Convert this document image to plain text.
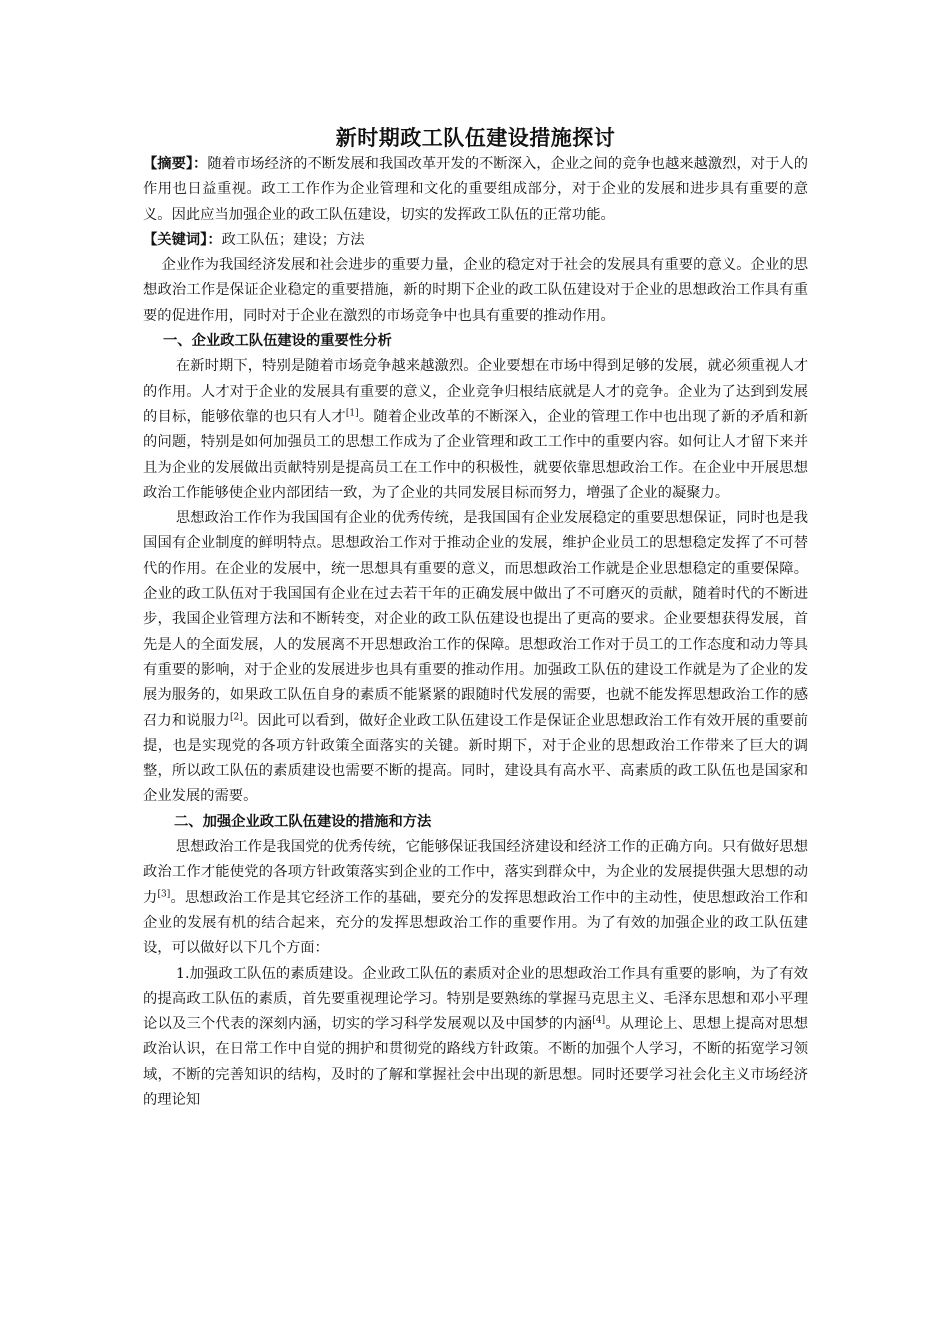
新时期政工队伍建设措施探讨

【摘要】：随着市场经济的不断发展和我国改革开发的不断深入，企业之间的竞争也越来越激烈，对于人的作用也日益重视。政工工作作为企业管理和文化的重要组成部分，对于企业的发展和进步具有重要的意义。因此应当加强企业的政工队伍建设，切实的发挥政工队伍的正常功能。

【关键词】：政工队伍；建设；方法

企业作为我国经济发展和社会进步的重要力量，企业的稳定对于社会的发展具有重要的意义。企业的思想政治工作是保证企业稳定的重要措施，新的时期下企业的政工队伍建设对于企业的思想政治工作具有重要的促进作用，同时对于企业在激烈的市场竞争中也具有重要的推动作用。

一、企业政工队伍建设的重要性分析

在新时期下，特别是随着市场竞争越来越激烈。企业要想在市场中得到足够的发展，就必须重视人才的作用。人才对于企业的发展具有重要的意义，企业竞争归根结底就是人才的竞争。企业为了达到到发展的目标，能够依靠的也只有人才[1]。随着企业改革的不断深入，企业的管理工作中也出现了新的矛盾和新的问题，特别是如何加强员工的思想工作成为了企业管理和政工工作中的重要内容。如何让人才留下来并且为企业的发展做出贡献特别是提高员工在工作中的积极性，就要依靠思想政治工作。在企业中开展思想政治工作能够使企业内部团结一致，为了企业的共同发展目标而努力，增强了企业的凝聚力。

思想政治工作作为我国国有企业的优秀传统，是我国国有企业发展稳定的重要思想保证，同时也是我国国有企业制度的鲜明特点。思想政治工作对于推动企业的发展，维护企业员工的思想稳定发挥了不可替代的作用。在企业的发展中，统一思想具有重要的意义，而思想政治工作就是企业思想稳定的重要保障。企业的政工队伍对于我国国有企业在过去若干年的正确发展中做出了不可磨灭的贡献，随着时代的不断进步，我国企业管理方法和不断转变，对企业的政工队伍建设也提出了更高的要求。企业要想获得发展，首先是人的全面发展，人的发展离不开思想政治工作的保障。思想政治工作对于员工的工作态度和动力等具有重要的影响，对于企业的发展进步也具有重要的推动作用。加强政工队伍的建设工作就是为了企业的发展为服务的，如果政工队伍自身的素质不能紧紧的跟随时代发展的需要，也就不能发挥思想政治工作的感召力和说服力[2]。因此可以看到，做好企业政工队伍建设工作是保证企业思想政治工作有效开展的重要前提，也是实现党的各项方针政策全面落实的关键。新时期下，对于企业的思想政治工作带来了巨大的调整，所以政工队伍的素质建设也需要不断的提高。同时，建设具有高水平、高素质的政工队伍也是国家和企业发展的需要。

二、加强企业政工队伍建设的措施和方法

思想政治工作是我国党的优秀传统，它能够保证我国经济建设和经济工作的正确方向。只有做好思想政治工作才能使党的各项方针政策落实到企业的工作中，落实到群众中，为企业的发展提供强大思想的动力[3]。思想政治工作是其它经济工作的基础，要充分的发挥思想政治工作中的主动性，使思想政治工作和企业的发展有机的结合起来，充分的发挥思想政治工作的重要作用。为了有效的加强企业的政工队伍建设，可以做好以下几个方面：

1.加强政工队伍的素质建设。企业政工队伍的素质对企业的思想政治工作具有重要的影响，为了有效的提高政工队伍的素质，首先要重视理论学习。特别是要熟练的掌握马克思主义、毛泽东思想和邓小平理论以及三个代表的深刻内涵，切实的学习科学发展观以及中国梦的内涵[4]。从理论上、思想上提高对思想政治认识，在日常工作中自觉的拥护和贯彻党的路线方针政策。不断的加强个人学习，不断的拓宽学习领域，不断的完善知识的结构，及时的了解和掌握社会中出现的新思想。同时还要学习社会化主义市场经济的理论知
